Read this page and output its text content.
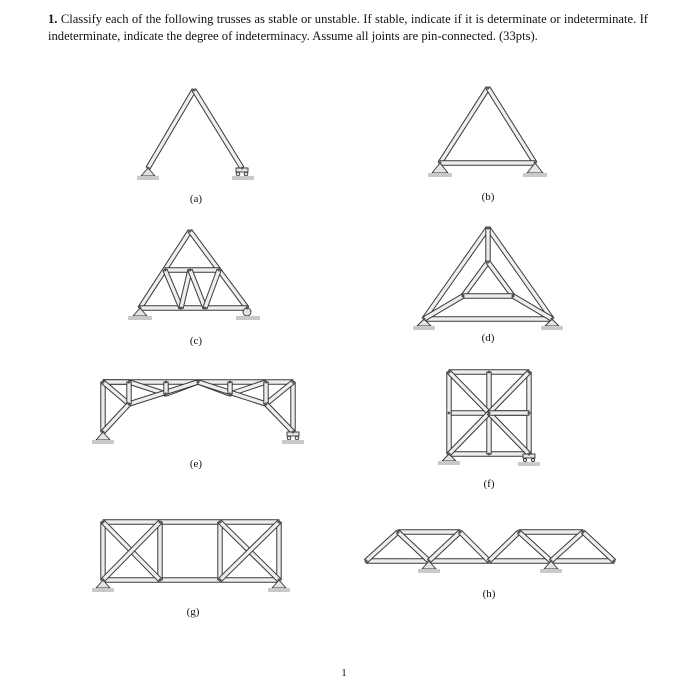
1. Classify each of the following trusses as stable or unstable. If stable, indicate if it is determinate or indeterminate. If indeterminate, indicate the degree of indeterminacy. Assume all joints are pin-connected. (33pts).

(a)	(b)
(c)	(d)
(e)
(f)
(g)
(h)
1
